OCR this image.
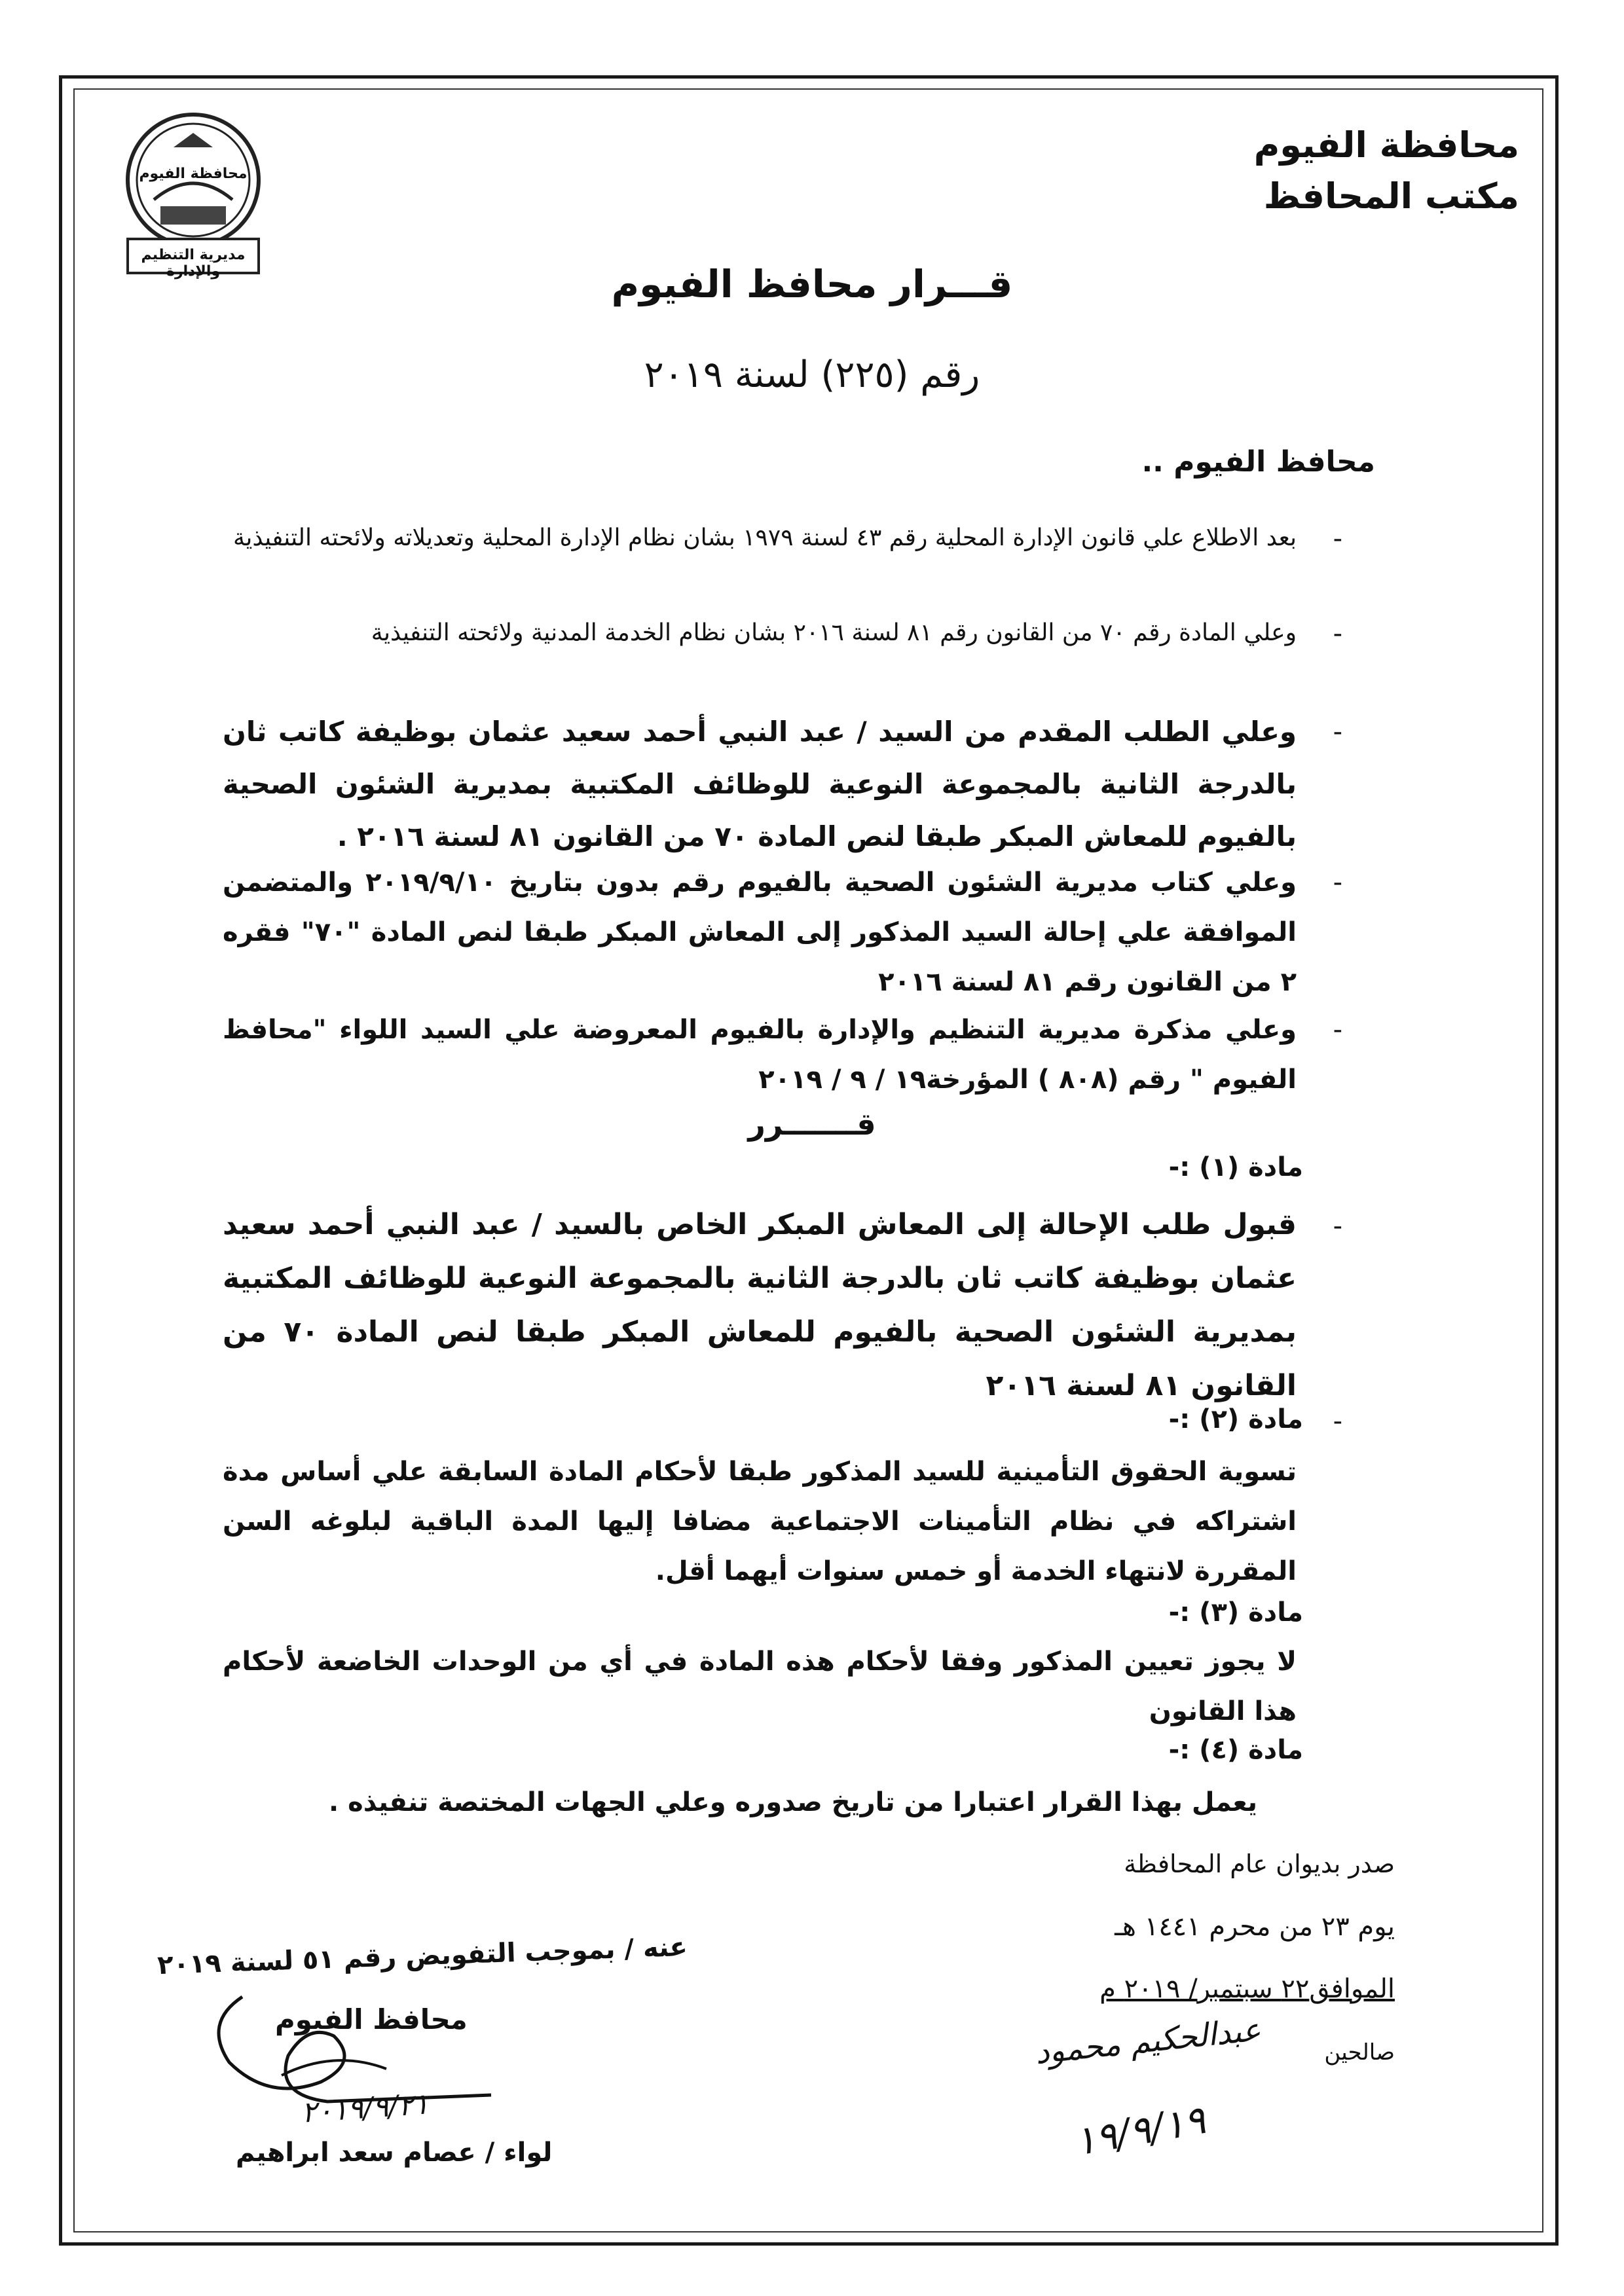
محافظة الفيوم
مكتب المحافظ
محافظة الفيوم
مديرية التنظيم والإدارة	قـــرار محافظ الفيوم
رقم (٢٢٥) لسنة ٢٠١٩
محافظ الفيوم ..
-
بعد الاطلاع علي قانون الإدارة المحلية رقم ٤٣ لسنة ١٩٧٩ بشان نظام الإدارة المحلية وتعديلاته ولائحته التنفيذية
-
وعلي المادة رقم ٧٠ من القانون رقم ٨١ لسنة ٢٠١٦ بشان نظام الخدمة المدنية ولائحته التنفيذية
-
وعلي الطلب المقدم من السيد / عبد النبي أحمد سعيد عثمان بوظيفة كاتب ثان بالدرجة الثانية بالمجموعة النوعية للوظائف المكتبية بمديرية الشئون الصحية بالفيوم للمعاش المبكر طبقا لنص المادة ٧٠ من القانون ٨١ لسنة ٢٠١٦ .
-
وعلي كتاب مديرية الشئون الصحية بالفيوم رقم بدون بتاريخ ٢٠١٩/٩/١٠ والمتضمن الموافقة علي إحالة السيد المذكور إلى المعاش المبكر طبقا لنص المادة "٧٠" فقره ٢ من القانون رقم ٨١ لسنة ٢٠١٦
-
وعلي مذكرة مديرية التنظيم والإدارة بالفيوم المعروضة علي السيد اللواء "محافظ الفيوم " رقم (٨٠٨ ) المؤرخة١٩ / ٩ / ٢٠١٩
قـــــــرر
مادة (١) :-
-
قبول طلب الإحالة إلى المعاش المبكر الخاص بالسيد / عبد النبي أحمد سعيد عثمان بوظيفة كاتب ثان بالدرجة الثانية بالمجموعة النوعية للوظائف المكتبية بمديرية الشئون الصحية بالفيوم للمعاش المبكر طبقا لنص المادة ٧٠ من القانون ٨١ لسنة ٢٠١٦
-
مادة (٢) :-
تسوية الحقوق التأمينية للسيد المذكور طبقا لأحكام المادة السابقة علي أساس مدة اشتراكه في نظام التأمينات الاجتماعية مضافا إليها المدة الباقية لبلوغه السن المقررة لانتهاء الخدمة أو خمس سنوات أيهما أقل.
مادة (٣) :-
لا يجوز تعيين المذكور وفقا لأحكام هذه المادة في أي من الوحدات الخاضعة لأحكام هذا القانون
مادة (٤) :-
يعمل بهذا القرار اعتبارا من تاريخ صدوره وعلي الجهات المختصة تنفيذه .
صدر بديوان عام المحافظة
يوم ٢٣ من محرم ١٤٤١ هـ
الموافق٢٢ سبتمبر/ ٢٠١٩ م
صالحين
عبدالحكيم محمود
١٩/٩/١٩
عنه / بموجب التفويض رقم ٥١ لسنة ٢٠١٩
محافظ الفيوم
٢٠١٩/٩/٢١
لواء / عصام سعد ابراهيم
